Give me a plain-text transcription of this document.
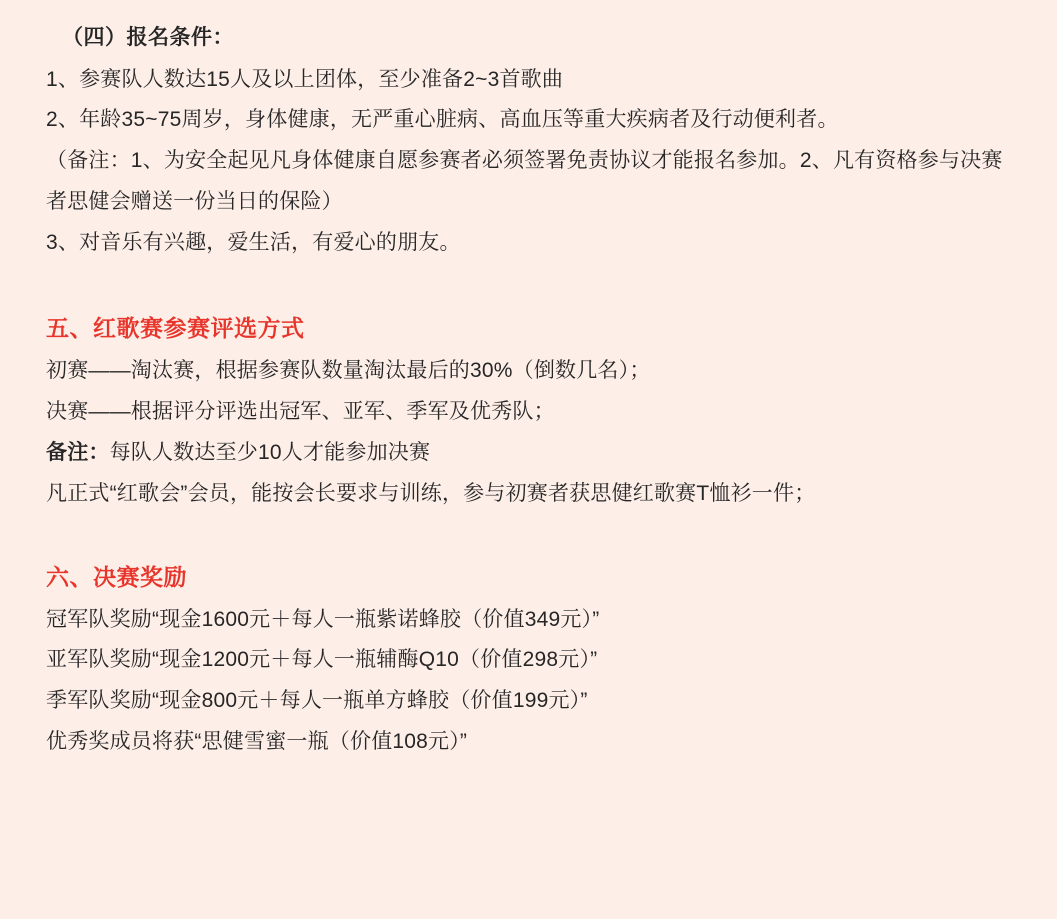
（四）报名条件：

1、参赛队人数达15人及以上团体，至少准备2~3首歌曲

2、年龄35~75周岁，身体健康，无严重心脏病、高血压等重大疾病者及行动便利者。

（备注：1、为安全起见凡身体健康自愿参赛者必须签署免责协议才能报名参加。2、凡有资格参与决赛者思健会赠送一份当日的保险）

3、对音乐有兴趣，爱生活，有爱心的朋友。

五、红歌赛参赛评选方式

初赛——淘汰赛，根据参赛队数量淘汰最后的30%（倒数几名）；

决赛——根据评分评选出冠军、亚军、季军及优秀队；

备注：每队人数达至少10人才能参加决赛

凡正式“红歌会”会员，能按会长要求与训练，参与初赛者获思健红歌赛T恤衫一件；

六、决赛奖励

冠军队奖励“现金1600元＋每人一瓶紫诺蜂胶（价值349元）”

亚军队奖励“现金1200元＋每人一瓶辅酶Q10（价值298元）”

季军队奖励“现金800元＋每人一瓶单方蜂胶（价值199元）”

优秀奖成员将获“思健雪蜜一瓶（价值108元）”
